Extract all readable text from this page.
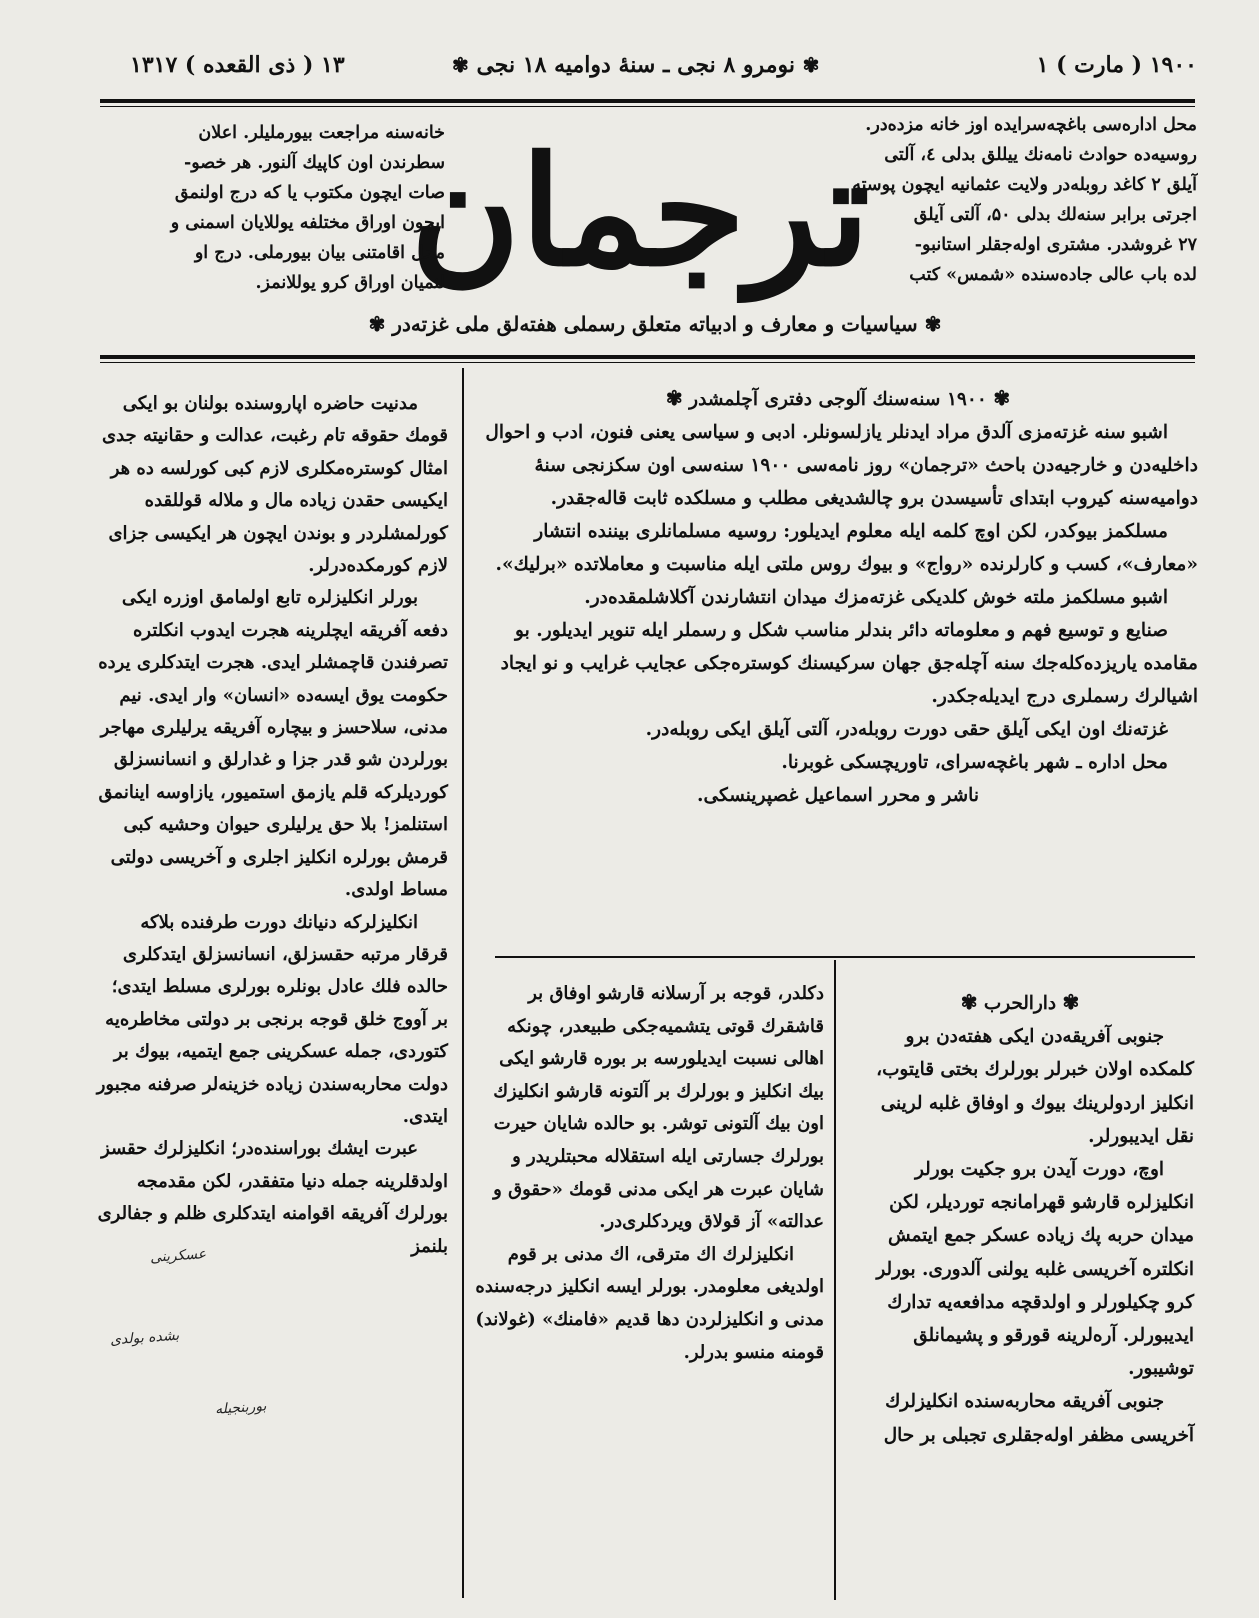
۱۹۰۰ ( مارت ) ۱
✾ نومرو ۸ نجی ـ سنهٔ دوامیه ۱۸ نجی ✾
۱۳ ( ذی القعده ) ۱۳۱۷

محل اداره‌سی باغچه‌سرایده اوز خانه مزده‌در.

روسیه‌ده حوادث نامه‌نك ییللق بدلی ٤، آلتی

آیلق ۲ کاغد روبله‌در ولایت عثمانیه ایچون پوسته

اجرتی برابر سنه‌لك بدلی ۵۰، آلتی آیلق

۲۷ غروشدر. مشتری اوله‌جقلر استانبو-

لده باب عالی جاده‌سنده «شمس» کتب

ترجمان

خانه‌سنه مراجعت بیورملیلر. اعلان

سطرندن اون کاپیك آلنور. هر خصو-

صات ایچون مکتوب یا که درج اولنمق

ایچون اوراق مختلفه یوللایان اسمنی و

محل اقامتنی بیان بیورملی. درج او

لنمیان اوراق کرو یوللانمز.

✾ سیاسیات و معارف و ادبیاته متعلق رسملی هفته‌لق ملی غزته‌در ✾

✾ ۱۹۰۰ سنه‌سنك آلوجی دفتری آچلمشدر ✾

اشبو سنه غزته‌مزی آلدق مراد ایدنلر یازلسونلر. ادبی و سیاسی یعنی فنون، ادب و احوال داخلیه‌دن و خارجیه‌دن باحث «ترجمان» روز نامه‌سی ۱۹۰۰ سنه‌سی اون سکزنجی سنهٔ دوامیه‌سنه کیروب ابتدای تأسیسدن برو چالشدیغی مطلب و مسلکده ثابت قاله‌جقدر.

مسلکمز بیوکدر، لکن اوچ کلمه ایله معلوم ایدیلور: روسیه مسلمانلری بیننده انتشار «معارف»، کسب و کارلرنده «رواج» و بیوك روس ملتی ایله مناسبت و معاملاتده «برلیك».

اشبو مسلکمز ملته خوش کلدیکی غزته‌مزك میدان انتشارندن آکلاشلمقده‌در.

صنایع و توسیع فهم و معلوماته دائر بندلر مناسب شکل و رسملر ایله تنویر ایدیلور. بو مقامده یاریزده‌کله‌جك سنه آچله‌جق جهان سرکیسنك کوستره‌جکی عجایب غرایب و نو ایجاد اشیالرك رسملری درج ایدیله‌جکدر.

غزته‌نك اون ایکی آیلق حقی دورت روبله‌در، آلتی آیلق ایکی روبله‌در.

محل اداره ـ شهر باغچه‌سرای، تاوریچسکی غوبرنا.

ناشر و محرر اسماعیل غصپرینسکی.

مدنیت حاضره اپاروسنده بولنان بو ایکی قومك حقوقه تام رغبت، عدالت و حقانیته جدی امثال کوستره‌مکلری لازم کبی کورلسه ده هر ایکیسی حقدن زیاده مال و ملاله قوللقده کورلمشلردر و بوندن ایچون هر ایکیسی جزای لازم کورمکده‌درلر.

بورلر انکلیزلره تابع اولمامق اوزره ایکی دفعه آفریقه ایچلرینه هجرت ایدوب انکلتره تصرفندن قاچمشلر ایدی. هجرت ایتدکلری یرده حکومت یوق ایسه‌ده «انسان» وار ایدی. نیم مدنی، سلاحسز و بیچاره آفریقه یرلیلری مهاجر بورلردن شو قدر جزا و غدارلق و انسانسزلق کوردیلرکه قلم یازمق استمیور، یازاوسه اینانمق استنلمز! بلا حق یرلیلری حیوان وحشیه کبی قرمش بورلره انکلیز اجلری و آخریسی دولتی مساط اولدی.

انکلیزلرکه دنیانك دورت طرفنده بلاکه قرقار مرتبه حقسزلق، انسانسزلق ایتدکلری حالده فلك عادل بونلره بورلری مسلط ایتدی؛ بر آووج خلق قوجه برنجی بر دولتی مخاطره‌یه کتوردی، جمله عسکرینی جمع ایتمیه، بیوك بر دولت محاربه‌سندن زیاده خزینه‌لر صرفنه مجبور ایتدی.

عبرت ایشك بوراسنده‌در؛ انکلیزلرك حقسز اولدقلرینه جمله دنیا متفقدر، لکن مقدمجه بورلرك آفریقه اقوامنه ایتدکلری ظلم و جفالری بلنمز

عسکرینی
بشده بولدی
بوربنجیله

دکلدر، قوجه بر آرسلانه قارشو اوفاق بر قاشقرك قوتی یتشمیه‌جکی طبیعدر، چونکه اهالی نسبت ایدیلورسه بر بوره قارشو ایکی بیك انکلیز و بورلرك بر آلتونه قارشو انکلیزك اون بیك آلتونی توشر. بو حالده شایان حیرت بورلرك جسارتی ایله استقلاله محبتلریدر و شایان عبرت هر ایکی مدنی قومك «حقوق و عدالته» آز قولاق ویردکلری‌در.

انکلیزلرك اك مترقی، اك مدنی بر قوم اولدیغی معلومدر. بورلر ایسه انکلیز درجه‌سنده مدنی و انکلیزلردن دها قدیم «فامنك» (غولاند) قومنه منسو بدرلر.

✾ دارالحرب ✾

جنوبی آفریقه‌دن ایکی هفته‌دن برو کلمکده اولان خبرلر بورلرك بختی قایتوب، انکلیز اردولرینك بیوك و اوفاق غلبه لرینی نقل ایدیبورلر.

اوچ، دورت آیدن برو جکیت بورلر انکلیزلره قارشو قهرامانجه توردیلر، لکن میدان حربه پك زیاده عسکر جمع ایتمش انکلتره آخریسی غلبه یولنی آلدوری. بورلر کرو چکیلورلر و اولدقچه مدافعه‌یه تدارك ایدیبورلر. آره‌لرینه قورقو و پشیمانلق توشیبور.

جنوبی آفریقه محاربه‌سنده انکلیزلرك آخریسی مظفر اوله‌جقلری تجبلی بر حال
